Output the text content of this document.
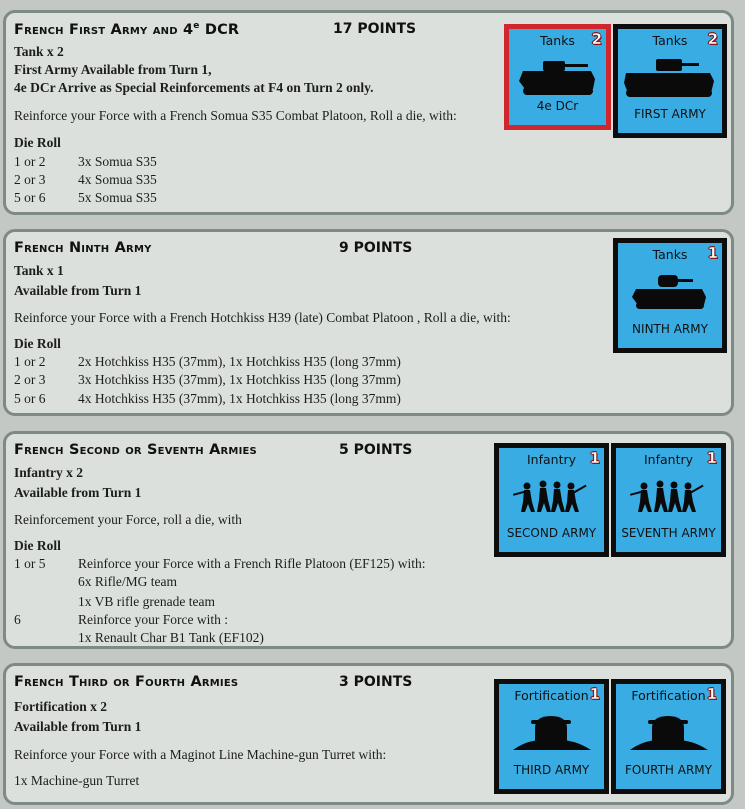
French First Army and 4e DCR	17 POINTS
Tank x 2
First Army Available from Turn 1,
4e DCr Arrive as Special Reinforcements at F4 on Turn 2 only.
Reinforce your Force with a French Somua S35 Combat Platoon, Roll a die, with:
Die Roll
1 or 2 3x Somua S35
2 or 3 4x Somua S35
5 or 6 5x Somua S35
Tanks	2
4e DCr
Tanks	2
FIRST ARMY
French Ninth Army	9 POINTS
Tank x 1
Available from Turn 1
Reinforce your Force with a French Hotchkiss H39 (late) Combat Platoon , Roll a die, with:
Die Roll
1 or 2 2x Hotchkiss H35 (37mm), 1x Hotchkiss H35 (long 37mm)
2 or 3 3x Hotchkiss H35 (37mm), 1x Hotchkiss H35 (long 37mm)
5 or 6 4x Hotchkiss H35 (37mm), 1x Hotchkiss H35 (long 37mm)
Tanks	1
NINTH ARMY
French Second or Seventh Armies	5 POINTS
Infantry x 2
Available from Turn 1
Reinforcement your Force, roll a die, with
Die Roll
1 or 5 Reinforce your Force with a French Rifle Platoon (EF125) with:
6x Rifle/MG team
1x VB rifle grenade team
6	Reinforce your Force with :
1x Renault Char B1 Tank (EF102)
Infantry 1
SECOND ARMY
Infantry 1
SEVENTH ARMY
French Third or Fourth Armies	3 POINTS
Fortification x 2
Available from Turn 1
Reinforce your Force with a Maginot Line Machine-gun Turret with:
1x Machine-gun Turret
Fortification 1
THIRD ARMY
Fortification 1
FOURTH ARMY
